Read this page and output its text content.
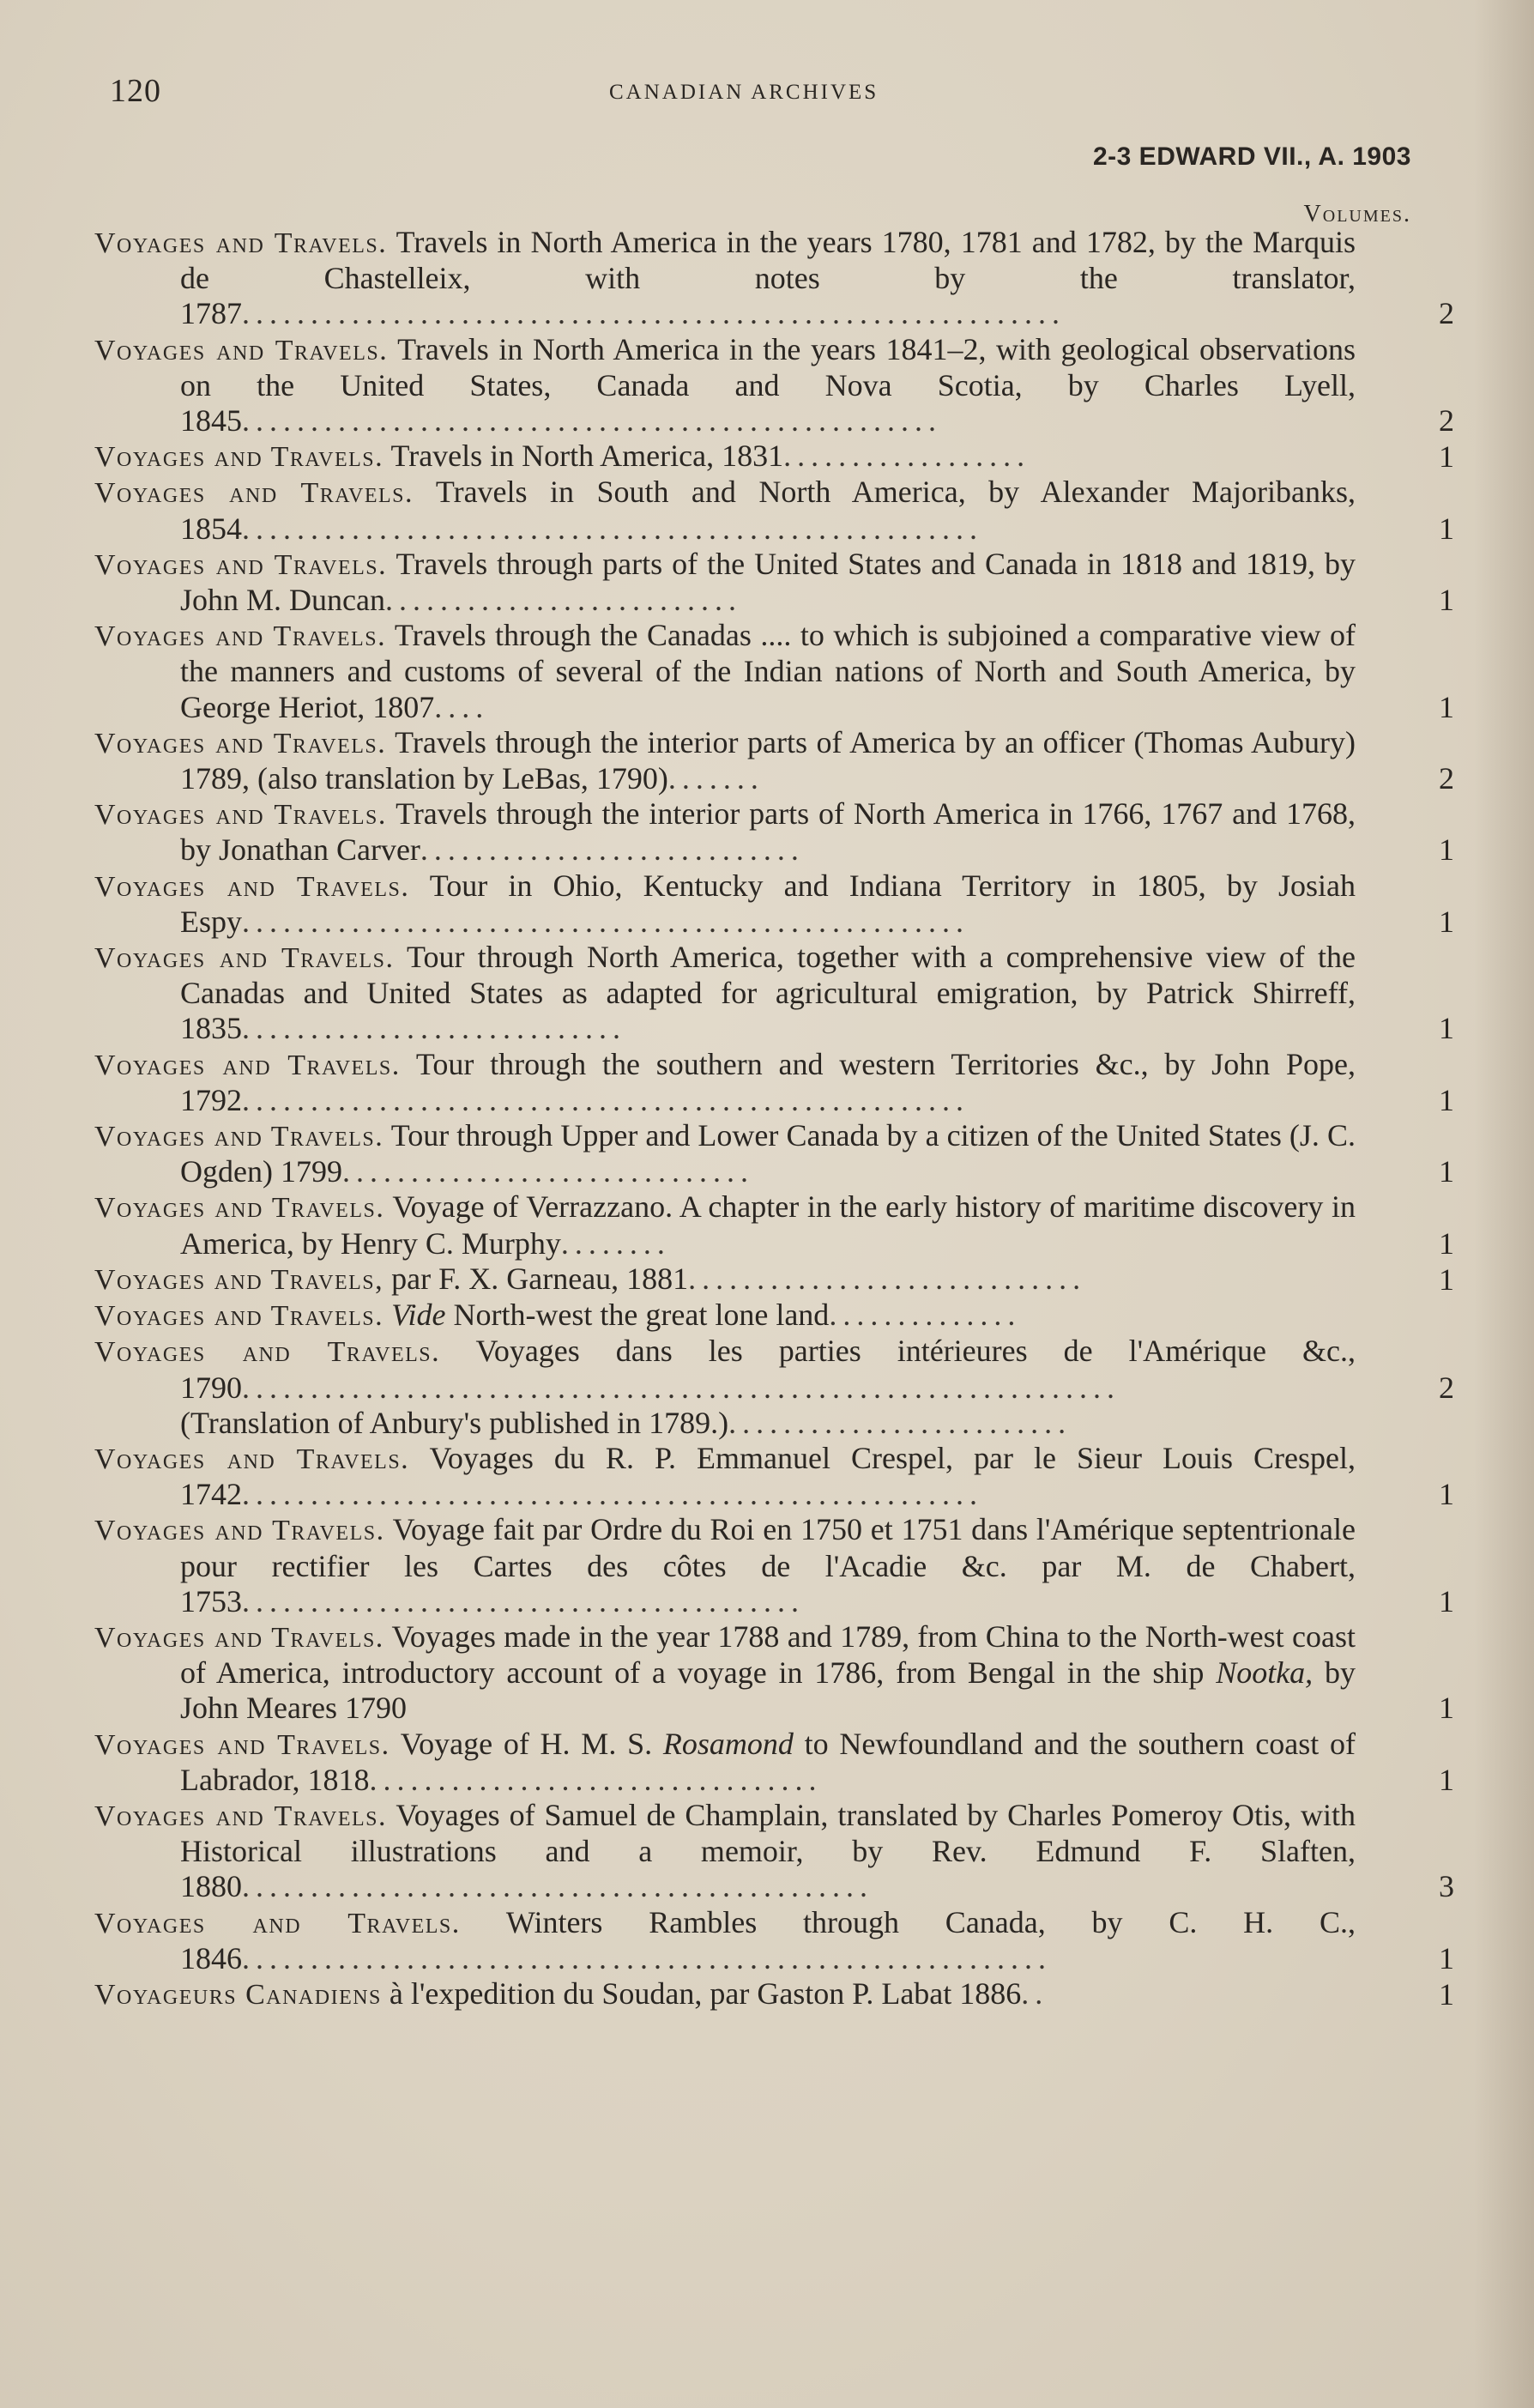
120	CANADIAN ARCHIVES
2-3 EDWARD VII., A. 1903
Volumes.
Voyages and Travels. Travels in North America in the years 1780, 1781 and 1782, by the Marquis de Chastelleix, with notes by the translator, 1787............................................................	2
Voyages and Travels. Travels in North America in the years 1841–2, with geological observations on the United States, Canada and Nova Scotia, by Charles Lyell, 1845...................................................	2
Voyages and Travels. Travels in North America, 1831..................	1
Voyages and Travels. Travels in South and North America, by Alexander Majoribanks, 1854......................................................	1
Voyages and Travels. Travels through parts of the United States and Canada in 1818 and 1819, by John M. Duncan..........................	1
Voyages and Travels. Travels through the Canadas .... to which is subjoined a comparative view of the manners and customs of several of the Indian nations of North and South America, by George Heriot, 1807....	1
Voyages and Travels. Travels through the interior parts of America by an officer (Thomas Aubury) 1789, (also translation by LeBas, 1790).......	2
Voyages and Travels. Travels through the interior parts of North America in 1766, 1767 and 1768, by Jonathan Carver............................	1
Voyages and Travels. Tour in Ohio, Kentucky and Indiana Territory in 1805, by Josiah Espy.....................................................	1
Voyages and Travels. Tour through North America, together with a comprehensive view of the Canadas and United States as adapted for agricultural emigration, by Patrick Shirreff, 1835............................	1
Voyages and Travels. Tour through the southern and western Territories &c., by John Pope, 1792.....................................................	1
Voyages and Travels. Tour through Upper and Lower Canada by a citizen of the United States (J. C. Ogden) 1799..............................	1
Voyages and Travels. Voyage of Verrazzano. A chapter in the early history of maritime discovery in America, by Henry C. Murphy........	1
Voyages and Travels, par F. X. Garneau, 1881.............................	1
Voyages and Travels. Vide North-west the great lone land..............
Voyages and Travels. Voyages dans les parties intérieures de l'Amérique &c., 1790................................................................	2
(Translation of Anbury's published in 1789.).........................
Voyages and Travels. Voyages du R. P. Emmanuel Crespel, par le Sieur Louis Crespel, 1742......................................................	1
Voyages and Travels. Voyage fait par Ordre du Roi en 1750 et 1751 dans l'Amérique septentrionale pour rectifier les Cartes des côtes de l'Acadie &c. par M. de Chabert, 1753.........................................	1
Voyages and Travels. Voyages made in the year 1788 and 1789, from China to the North-west coast of America, introductory account of a voyage in 1786, from Bengal in the ship Nootka, by John Meares 1790	1
Voyages and Travels. Voyage of H. M. S. Rosamond to Newfoundland and the southern coast of Labrador, 1818.................................	1
Voyages and Travels. Voyages of Samuel de Champlain, translated by Charles Pomeroy Otis, with Historical illustrations and a memoir, by Rev. Edmund F. Slaften, 1880..............................................	3
Voyages and Travels. Winters Rambles through Canada, by C. H. C., 1846...........................................................	1
Voyageurs Canadiens à l'expedition du Soudan, par Gaston P. Labat 1886..	1
